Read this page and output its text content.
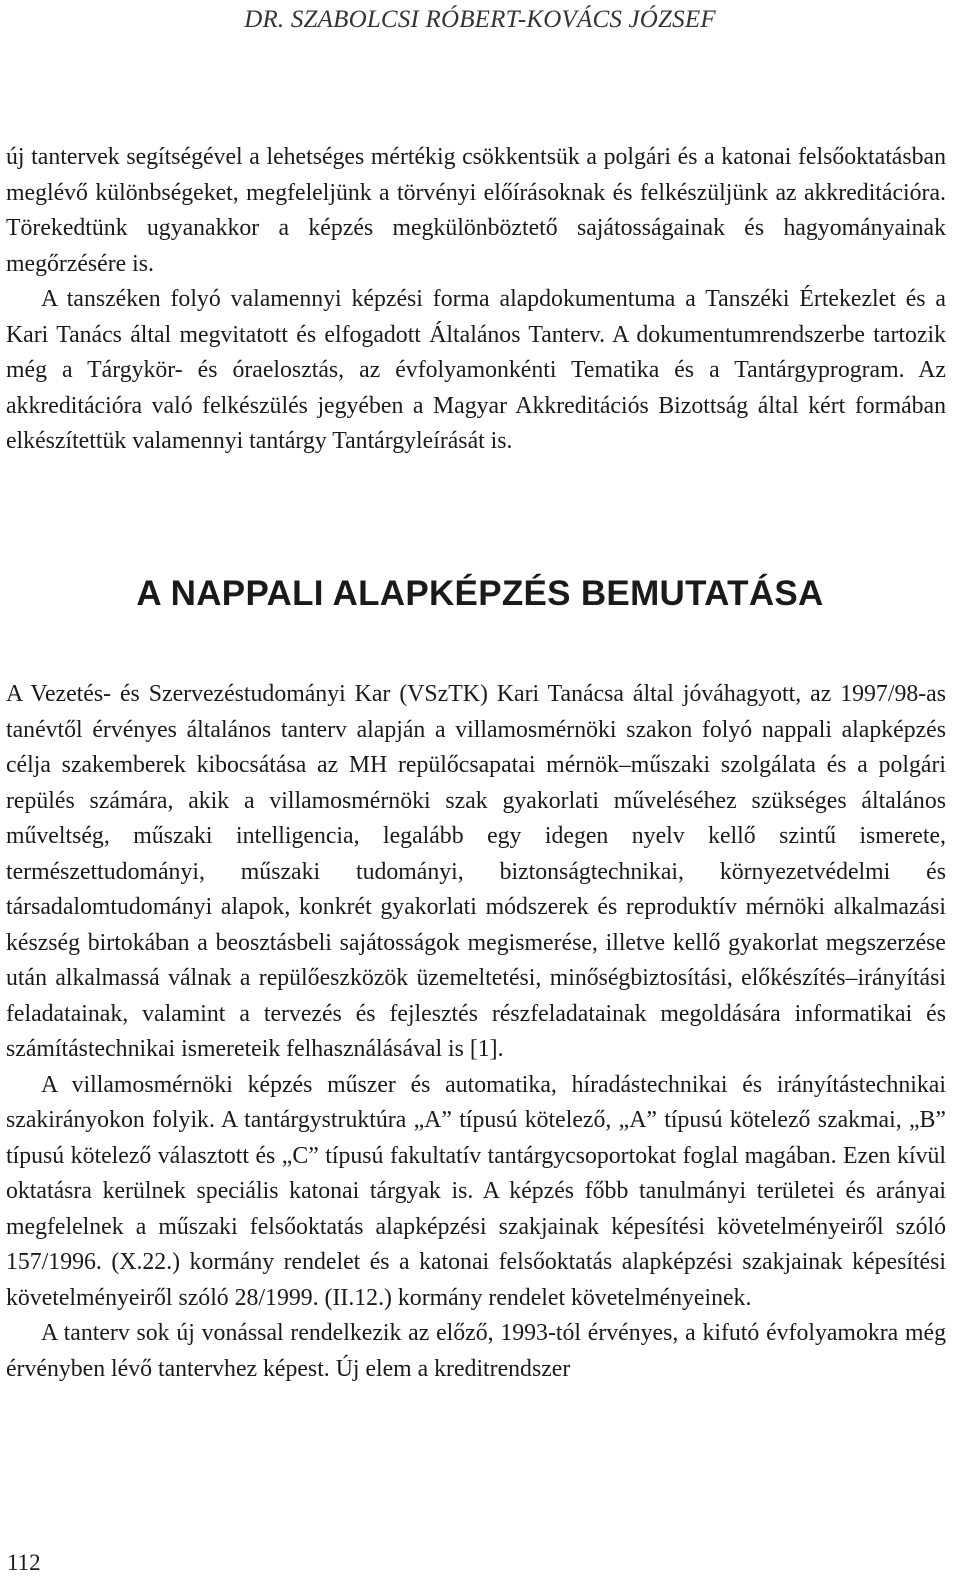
DR. SZABOLCSI RÓBERT-KOVÁCS JÓZSEF

új tantervek segítségével a lehetséges mértékig csökkentsük a polgári és a katonai felsőoktatásban meglévő különbségeket, megfeleljünk a törvényi előírásoknak és felkészüljünk az akkreditációra. Törekedtünk ugyanakkor a képzés megkülönböztető sajátosságainak és hagyományainak megőrzésére is.

A tanszéken folyó valamennyi képzési forma alapdokumentuma a Tanszéki Értekezlet és a Kari Tanács által megvitatott és elfogadott Általános Tanterv. A dokumentumrendszerbe tartozik még a Tárgykör- és óraelosztás, az évfolyamonkénti Tematika és a Tantárgyprogram. Az akkreditációra való felkészülés jegyében a Magyar Akkreditációs Bizottság által kért formában elkészítettük valamennyi tantárgy Tantárgyleírását is.

A NAPPALI ALAPKÉPZÉS BEMUTATÁSA

A Vezetés- és Szervezéstudományi Kar (VSzTK) Kari Tanácsa által jóváhagyott, az 1997/98-as tanévtől érvényes általános tanterv alapján a villamosmérnöki szakon folyó nappali alapképzés célja szakemberek kibocsátása az MH repülőcsapatai mérnök–műszaki szolgálata és a polgári repülés számára, akik a villamosmérnöki szak gyakorlati műveléséhez szükséges általános műveltség, műszaki intelligencia, legalább egy idegen nyelv kellő szintű ismerete, természettudományi, műszaki tudományi, biztonságtechnikai, környezetvédelmi és társadalomtudományi alapok, konkrét gyakorlati módszerek és reproduktív mérnöki alkalmazási készség birtokában a beosztásbeli sajátosságok megismerése, illetve kellő gyakorlat megszerzése után alkalmassá válnak a repülőeszközök üzemeltetési, minőségbiztosítási, előkészítés–irányítási feladatainak, valamint a tervezés és fejlesztés részfeladatainak megoldására informatikai és számítástechnikai ismereteik felhasználásával is [1].

A villamosmérnöki képzés műszer és automatika, híradástechnikai és irányítástechnikai szakirányokon folyik. A tantárgystruktúra „A” típusú kötelező, „A” típusú kötelező szakmai, „B” típusú kötelező választott és „C” típusú fakultatív tantárgycsoportokat foglal magában. Ezen kívül oktatásra kerülnek speciális katonai tárgyak is. A képzés főbb tanulmányi területei és arányai megfelelnek a műszaki felsőoktatás alapképzési szakjainak képesítési követelményeiről szóló 157/1996. (X.22.) kormány rendelet és a katonai felsőoktatás alapképzési szakjainak képesítési követelményeiről szóló 28/1999. (II.12.) kormány rendelet követelményeinek.

A tanterv sok új vonással rendelkezik az előző, 1993-tól érvényes, a kifutó évfolyamokra még érvényben lévő tantervhez képest. Új elem a kreditrendszer

112
